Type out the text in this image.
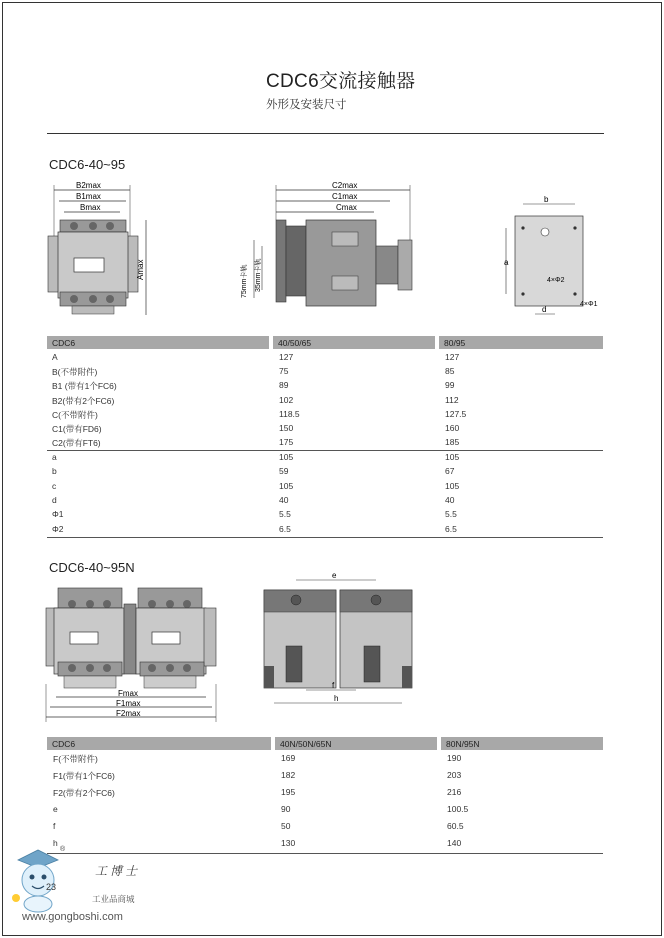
CDC6交流接触器
外形及安装尺寸
CDC6-40~95
B2max
B1max
Bmax
Amax
C2max
C1max
Cmax
75mm卡轨 35mm卡轨
b
a
d
4×Φ2
4×Φ1
CDC6	40/50/65	80/95
A	127	127
B(不带附件)	75	85
B1 (带有1个FC6)	89	99
B2(带有2个FC6)	102	112
C(不带附件)	118.5	127.5
C1(带有FD6)	150	160
C2(带有FT6)	175	185
a	105	105
b	59	67
c	105	105
d	40	40
Φ1	5.5	5.5
Φ2	6.5	6.5
CDC6-40~95N
Fmax
F1max
F2max
e
f
h
CDC6	40N/50N/65N	80N/95N
F(不带附件)	169	190
F1(带有1个FC6)	182	203
F2(带有2个FC6)	195	216
e	90	100.5
f	50	60.5
h	130	140
23
®
工博士
工业品商城
www.gongboshi.com
